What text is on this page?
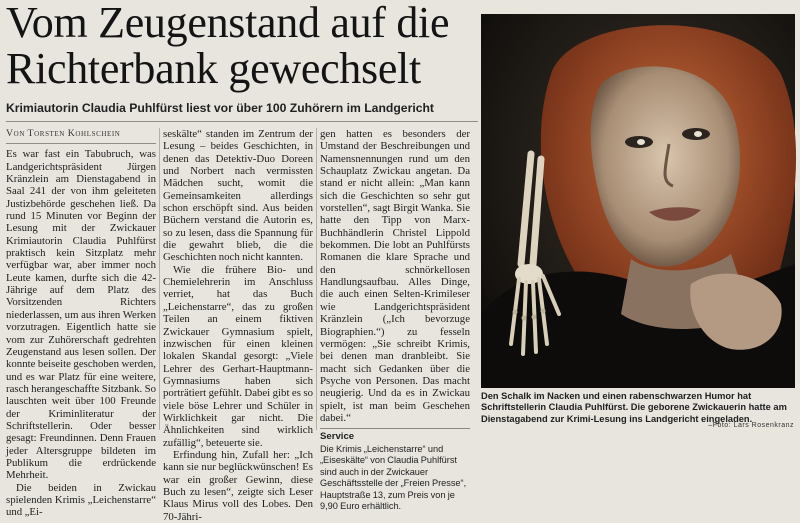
Vom Zeugenstand auf die
Richterbank gewechselt
Krimiautorin Claudia Puhlfürst liest vor über 100 Zuhörern im Landgericht
Von Torsten Kohlschein

Es war fast ein Tabubruch, was Landgerichtspräsident Jürgen Kränzlein am Dienstagabend in Saal 241 der von ihm geleiteten Justizbehörde geschehen ließ. Da rund 15 Minuten vor Beginn der Lesung mit der Zwickauer Krimiautorin Claudia Puhlfürst praktisch kein Sitzplatz mehr verfügbar war, aber immer noch Leute kamen, durfte sich die 42-Jährige auf dem Platz des Vorsitzenden Richters niederlassen, um aus ihren Werken vorzutragen. Eigentlich hatte sie vom zur Zuhörerschaft gedrehten Zeugenstand aus lesen sollen. Der konnte beiseite geschoben werden, und es war Platz für eine weitere, rasch herangeschaffte Sitzbank. So lauschten weit über 100 Freunde der Kriminliteratur der Schriftstellerin. Oder besser gesagt: Freundinnen. Denn Frauen jeder Altersgruppe bildeten im Publikum die erdrückende Mehrheit.

Die beiden in Zwickau spielenden Krimis „Leichenstarre“ und „Ei-

seskälte“ standen im Zentrum der Lesung – beides Geschichten, in denen das Detektiv-Duo Doreen und Norbert nach vermissten Mädchen sucht, womit die Gemeinsamkeiten allerdings schon erschöpft sind. Aus beiden Büchern verstand die Autorin es, so zu lesen, dass die Spannung für die gewahrt blieb, die die Geschichten noch nicht kannten.

Wie die frühere Bio- und Chemielehrerin im Anschluss verriet, hat das Buch „Leichenstarre“, das zu großen Teilen an einem fiktiven Zwickauer Gymnasium spielt, inzwischen für einen kleinen lokalen Skandal gesorgt: „Viele Lehrer des Gerhart-Hauptmann-Gymnasiums haben sich porträtiert gefühlt. Dabei gibt es so viele böse Lehrer und Schüler in Wirklichkeit gar nicht. Die Ähnlichkeiten sind wirklich zufällig“, beteuerte sie.

Erfindung hin, Zufall her: „Ich kann sie nur beglückwünschen! Es war ein großer Gewinn, diese Buch zu lesen“, zeigte sich Leser Klaus Mirus voll des Lobes. Den 70-Jähri-

gen hatten es besonders der Umstand der Beschreibungen und Namensnennungen rund um den Schauplatz Zwickau angetan. Da stand er nicht allein: „Man kann sich die Geschichten so sehr gut vorstellen“, sagt Birgit Wanka. Sie hatte den Tipp von Marx-Buchhändlerin Christel Lippold bekommen. Die lobt an Puhlfürsts Romanen die klare Sprache und den schnörkellosen Handlungsaufbau. Alles Dinge, die auch einen Selten-Krimileser wie Landgerichtspräsident Kränzlein („Ich bevorzuge Biographien.“) zu fesseln vermögen: „Sie schreibt Krimis, bei denen man dranbleibt. Sie macht sich Gedanken über die Psyche von Personen. Das macht neugierig. Und da es in Zwickau spielt, ist man beim Geschehen dabei.“

Service
Die Krimis „Leichenstarre“ und „Eiseskälte“ von Claudia Puhlfürst sind auch in der Zwickauer Geschäftsstelle der „Freien Presse“, Hauptstraße 13, zum Preis von je 9,90 Euro erhältlich.
Den Schalk im Nacken und einen rabenschwarzen Humor hat Schriftstellerin Claudia Puhlfürst. Die geborene Zwickauerin hatte am Dienstagabend zur Krimi-Lesung ins Landgericht eingeladen.
–Foto: Lars Rosenkranz
